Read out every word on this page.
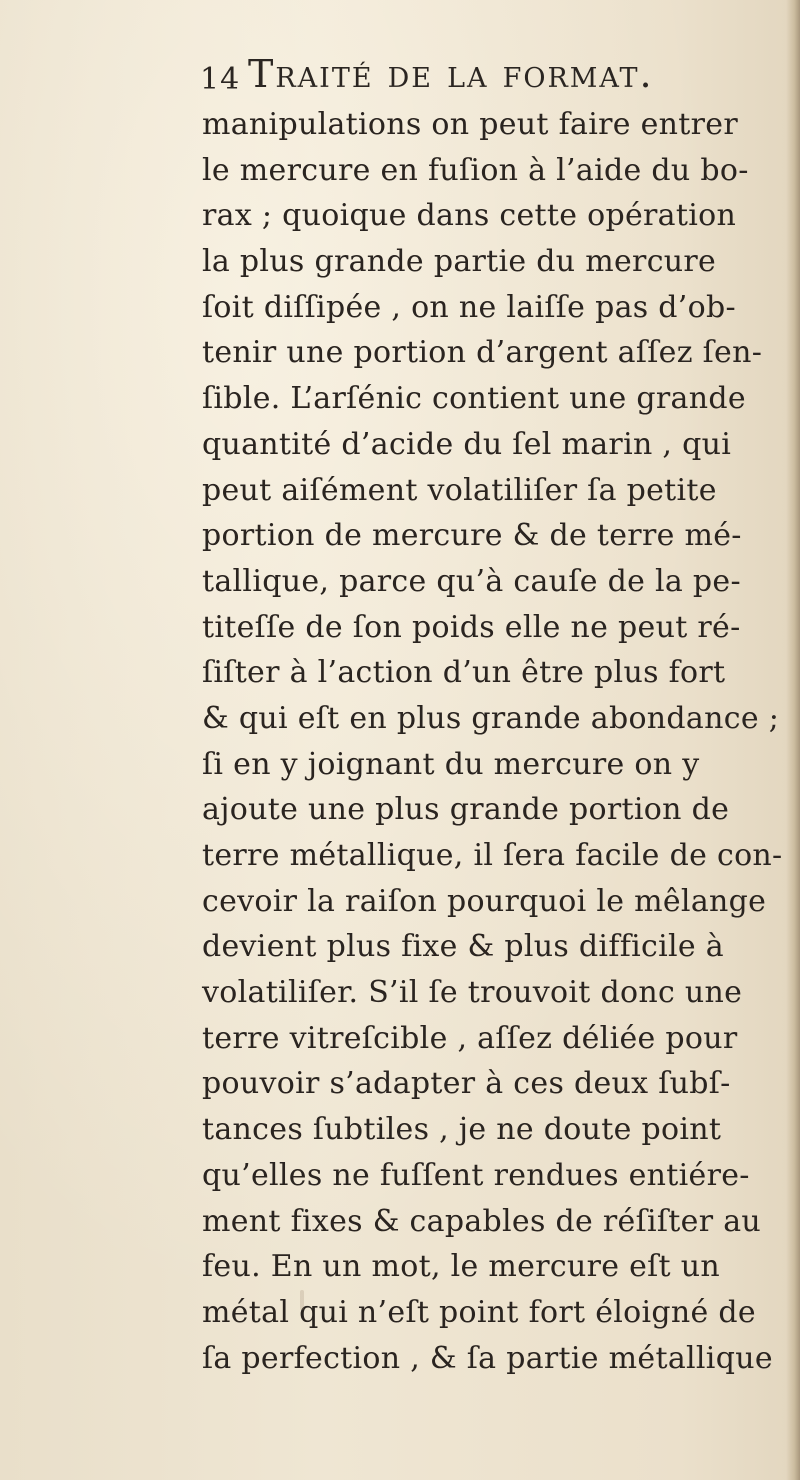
14 Traité de la format.
manipulations on peut faire entrer
le mercure en fuſion à l’aide du bo-
rax ; quoique dans cette opération
la plus grande partie du mercure
ſoit diſſipée , on ne laiſſe pas d’ob-
tenir une portion d’argent aſſez ſen-
ſible. L’arſénic contient une grande
quantité d’acide du ſel marin , qui
peut aiſément volatiliſer ſa petite
portion de mercure & de terre mé-
tallique, parce qu’à cauſe de la pe-
titeſſe de ſon poids elle ne peut ré-
ſiſter à l’action d’un être plus fort
& qui eſt en plus grande abondance ;
ſi en y joignant du mercure on y
ajoute une plus grande portion de
terre métallique, il ſera facile de con-
cevoir la raiſon pourquoi le mêlange
devient plus fixe & plus difficile à
volatiliſer. S’il ſe trouvoit donc une
terre vitreſcible , aſſez déliée pour
pouvoir s’adapter à ces deux ſubſ-
tances ſubtiles , je ne doute point
qu’elles ne fuſſent rendues entiére-
ment fixes & capables de réſiſter au
feu. En un mot, le mercure eſt un
métal qui n’eſt point fort éloigné de
ſa perfection , & ſa partie métallique
